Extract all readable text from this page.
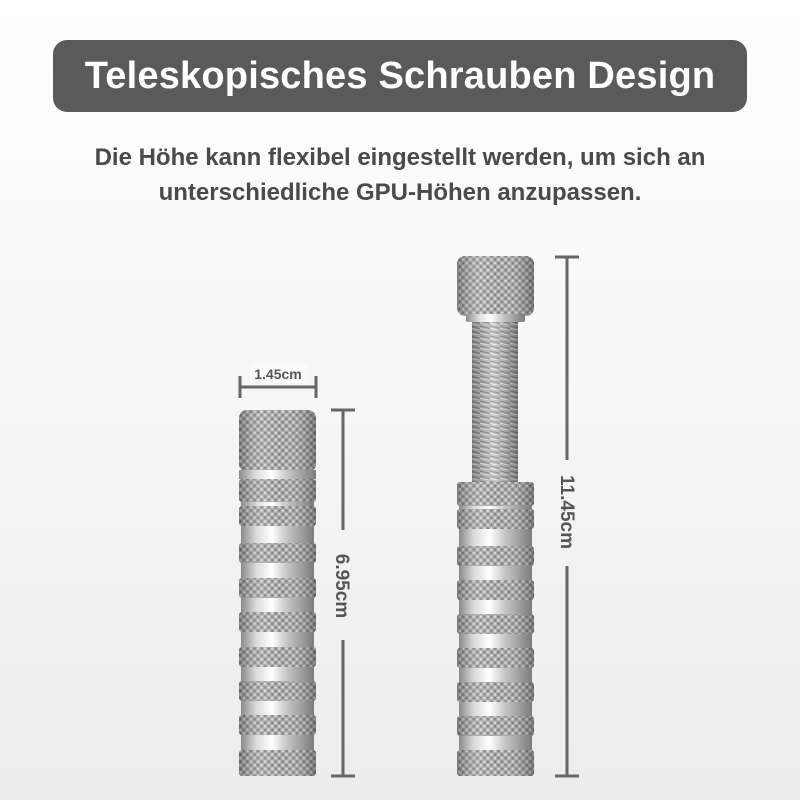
Teleskopisches Schrauben Design
Die Höhe kann flexibel eingestellt werden, um sich an
unterschiedliche GPU-Höhen anzupassen.
1.45cm
6.95cm
11.45cm
